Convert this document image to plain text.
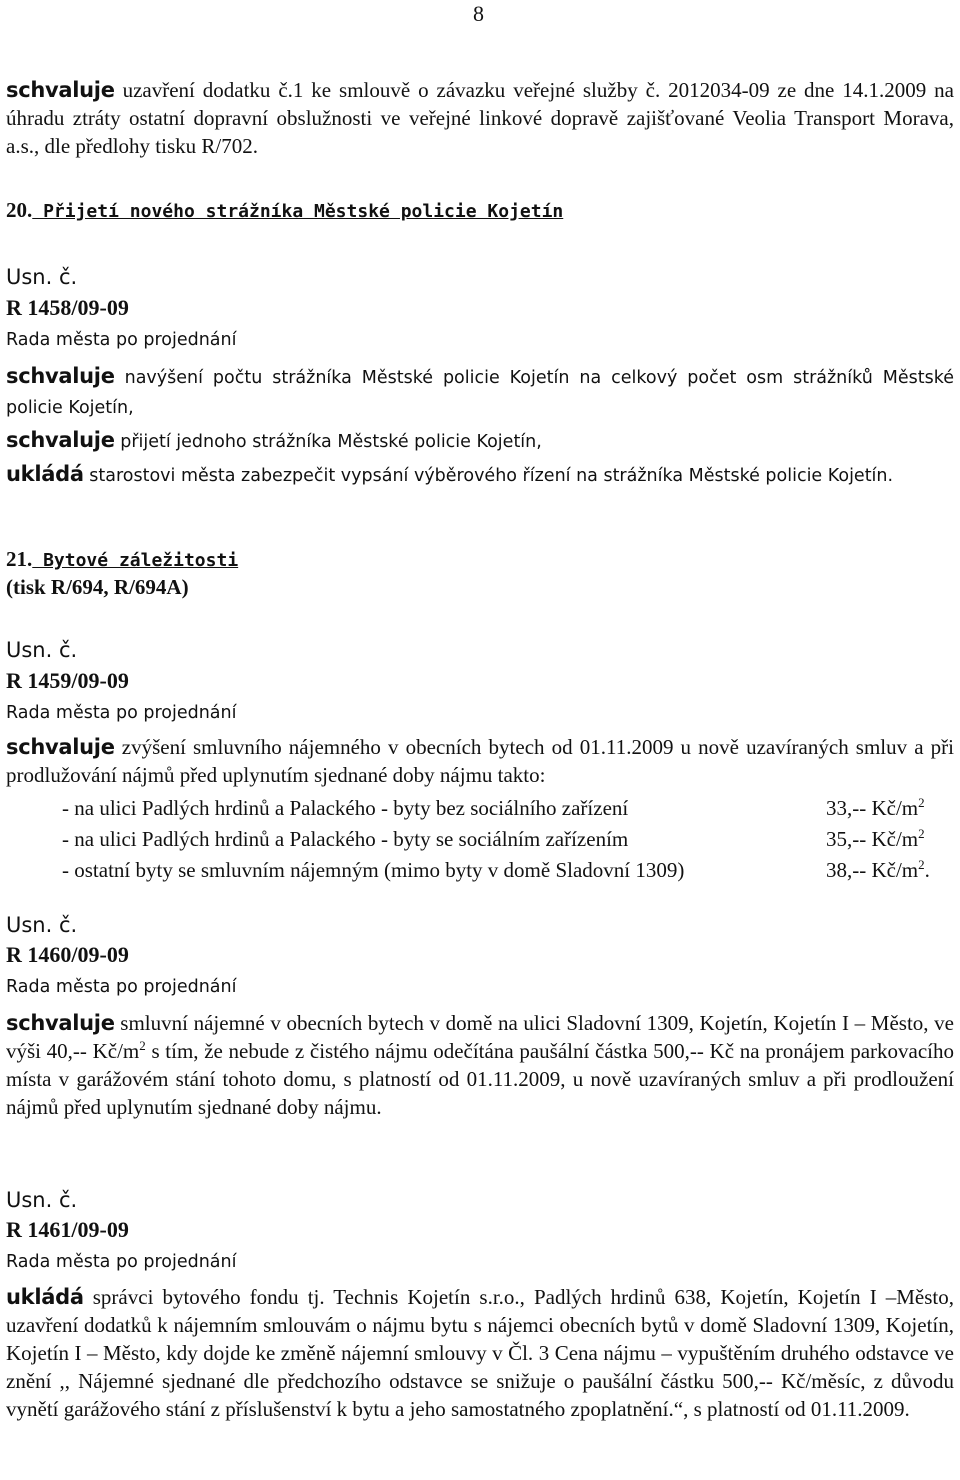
8

schvaluje uzavření dodatku č.1 ke smlouvě o závazku veřejné služby č. 2012034-09 ze dne 14.1.2009 na úhradu ztráty ostatní dopravní obslužnosti ve veřejné linkové dopravě zajišťované Veolia Transport Morava, a.s., dle předlohy tisku R/702.

20. Přijetí nového strážníka Městské policie Kojetín
Usn. č.
R 1458/09-09
Rada města po projednání

schvaluje navýšení počtu strážníka Městské policie Kojetín na celkový počet osm strážníků Městské policie Kojetín,

schvaluje přijetí jednoho strážníka Městské policie Kojetín,

ukládá starostovi města zabezpečit vypsání výběrového řízení na strážníka Městské policie Kojetín.

21. Bytové záležitosti
(tisk R/694, R/694A)
Usn. č.
R 1459/09-09
Rada města po projednání

schvaluje zvýšení smluvního nájemného v obecních bytech od 01.11.2009 u nově uzavíraných smluv a při prodlužování nájmů před uplynutím sjednané doby nájmu takto:

- na ulici Padlých hrdinů a Palackého - byty bez sociálního zařízení	33,-- $Kč/m^2$
- na ulici Padlých hrdinů a Palackého - byty se sociálním zařízením	35,-- $Kč/m^2$
- ostatní byty se smluvním nájemným (mimo byty v domě Sladovní 1309)	38,-- $Kč/m^2$.
Usn. č.
R 1460/09-09
Rada města po projednání

schvaluje smluvní nájemné v obecních bytech v domě na ulici Sladovní 1309, Kojetín, Kojetín I – Město, ve výši 40,-- $Kč/m^2$ s tím, že nebude z čistého nájmu odečítána paušální částka 500,-- Kč na pronájem parkovacího místa v garážovém stání tohoto domu, s platností od 01.11.2009, u nově uzavíraných smluv a při prodloužení nájmů před uplynutím sjednané doby nájmu.

Usn. č.
R 1461/09-09
Rada města po projednání

ukládá správci bytového fondu tj. Technis Kojetín s.r.o., Padlých hrdinů 638, Kojetín, Kojetín I –Město, uzavření dodatků k nájemním smlouvám o nájmu bytu s nájemci obecních bytů v domě Sladovní 1309, Kojetín, Kojetín I – Město, kdy dojde ke změně nájemní smlouvy v Čl. 3 Cena nájmu – vypuštěním druhého odstavce ve znění ,, Nájemné sjednané dle předchozího odstavce se snižuje o paušální částku 500,-- Kč/měsíc, z důvodu vynětí garážového stání z příslušenství k bytu a jeho samostatného zpoplatnění.“, s platností od 01.11.2009.
